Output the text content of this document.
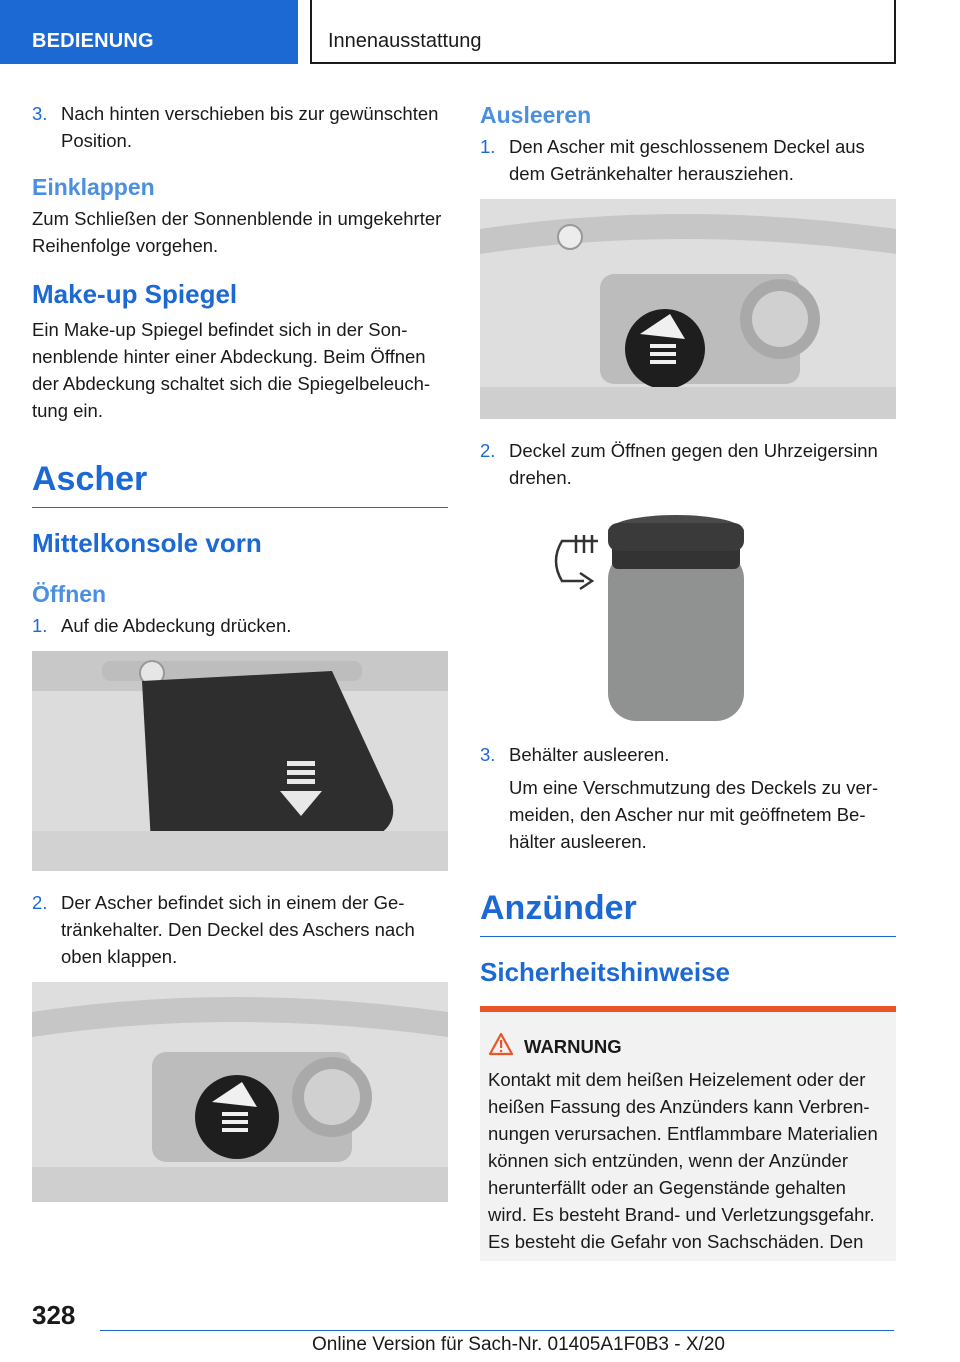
BEDIENUNG	Innenausstattung
3. Nach hinten verschieben bis zur gewünschten Position.
Einklappen
Zum Schließen der Sonnenblende in umgekehrter Reihenfolge vorgehen.
Make-up Spiegel
Ein Make-up Spiegel befindet sich in der Sonnenblende hinter einer Abdeckung. Beim Öffnen der Abdeckung schaltet sich die Spiegelbeleuchtung ein.
Ascher
Mittelkonsole vorn
Öffnen
1. Auf die Abdeckung drücken.
2. Der Ascher befindet sich in einem der Getränkehalter. Den Deckel des Aschers nach oben klappen.
Ausleeren
1. Den Ascher mit geschlossenem Deckel aus dem Getränkehalter herausziehen.
2. Deckel zum Öffnen gegen den Uhrzeigersinn drehen.
3. Behälter ausleeren.
Um eine Verschmutzung des Deckels zu vermeiden, den Ascher nur mit geöffnetem Behälter ausleeren.
Anzünder
Sicherheitshinweise
WARNUNG
Kontakt mit dem heißen Heizelement oder der heißen Fassung des Anzünders kann Verbrennungen verursachen. Entflammbare Materialien können sich entzünden, wenn der Anzünder herunterfällt oder an Gegenstände gehalten wird. Es besteht Brand- und Verletzungsgefahr. Es besteht die Gefahr von Sachschäden. Den
328
Online Version für Sach-Nr. 01405A1F0B3 - X/20
